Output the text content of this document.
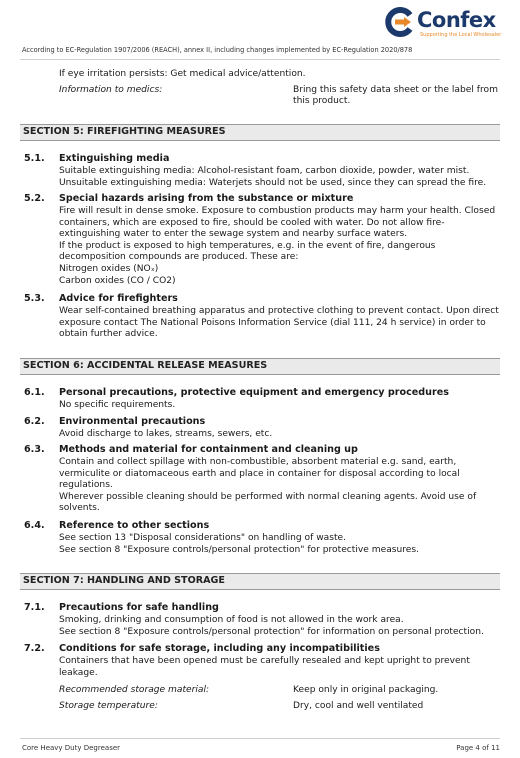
Confex
Supporting the Local Wholesaler
According to EC-Regulation 1907/2006 (REACH), annex II, including changes implemented by EC-Regulation 2020/878
If eye irritation persists: Get medical advice/attention.
Information to medics:	Bring this safety data sheet or the label from
this product.
SECTION 5: FIREFIGHTING MEASURES
5.1. Extinguishing media
Suitable extinguishing media: Alcohol-resistant foam, carbon dioxide, powder, water mist.
Unsuitable extinguishing media: Waterjets should not be used, since they can spread the fire.
5.2. Special hazards arising from the substance or mixture
Fire will result in dense smoke. Exposure to combustion products may harm your health. Closed
containers, which are exposed to fire, should be cooled with water. Do not allow fire-
extinguishing water to enter the sewage system and nearby surface waters.
If the product is exposed to high temperatures, e.g. in the event of fire, dangerous
decomposition compounds are produced. These are:
Nitrogen oxides (NOₓ)
Carbon oxides (CO / CO2)
5.3. Advice for firefighters
Wear self-contained breathing apparatus and protective clothing to prevent contact. Upon direct
exposure contact The National Poisons Information Service (dial 111, 24 h service) in order to
obtain further advice.
SECTION 6: ACCIDENTAL RELEASE MEASURES
6.1. Personal precautions, protective equipment and emergency procedures
No specific requirements.
6.2. Environmental precautions
Avoid discharge to lakes, streams, sewers, etc.
6.3. Methods and material for containment and cleaning up
Contain and collect spillage with non-combustible, absorbent material e.g. sand, earth,
vermiculite or diatomaceous earth and place in container for disposal according to local
regulations.
Wherever possible cleaning should be performed with normal cleaning agents. Avoid use of
solvents.
6.4. Reference to other sections
See section 13 "Disposal considerations" on handling of waste.
See section 8 "Exposure controls/personal protection" for protective measures.
SECTION 7: HANDLING AND STORAGE
7.1. Precautions for safe handling
Smoking, drinking and consumption of food is not allowed in the work area.
See section 8 "Exposure controls/personal protection" for information on personal protection.
7.2. Conditions for safe storage, including any incompatibilities
Containers that have been opened must be carefully resealed and kept upright to prevent
leakage.
Recommended storage material:	Keep only in original packaging.
Storage temperature:	Dry, cool and well ventilated
Core Heavy Duty Degreaser	Page 4 of 11
